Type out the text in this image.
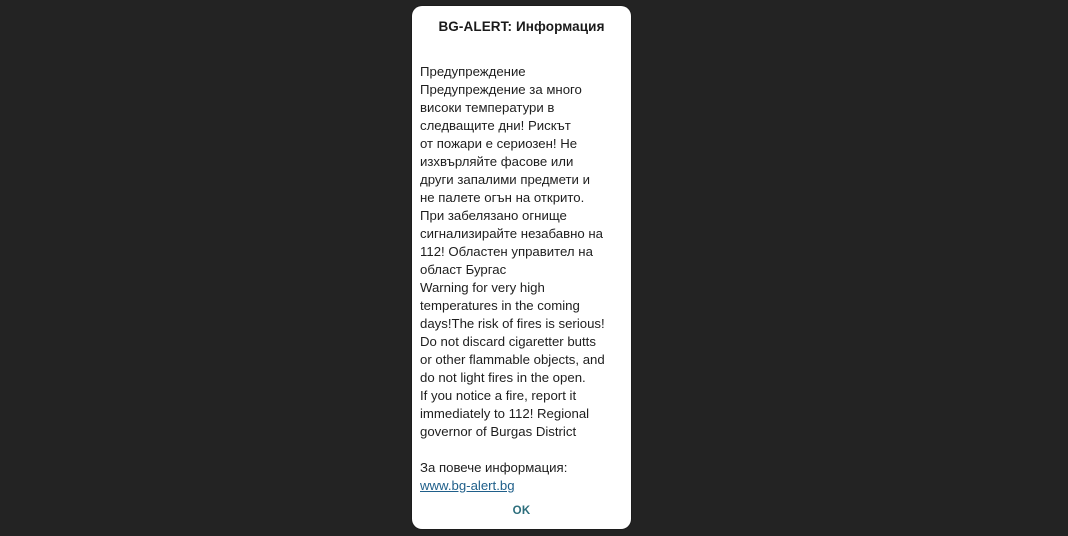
BG-ALERT: Информация
Предупреждение
Предупреждение за много
високи температури в
следващите дни! Рискът
от пожари е сериозен! Не
изхвърляйте фасове или
други запалими предмети и
не палете огън на открито.
При забелязано огнище
сигнализирайте незабавно на
112! Областен управител на
област Бургас
Warning for very high
temperatures in the coming
days!The risk of fires is serious!
Do not discard cigaretter butts
or other flammable objects, and
do not light fires in the open.
If you notice a fire, report it
immediately to 112! Regional
governor of Burgas District
За повече информация:
www.bg-alert.bg
OK
